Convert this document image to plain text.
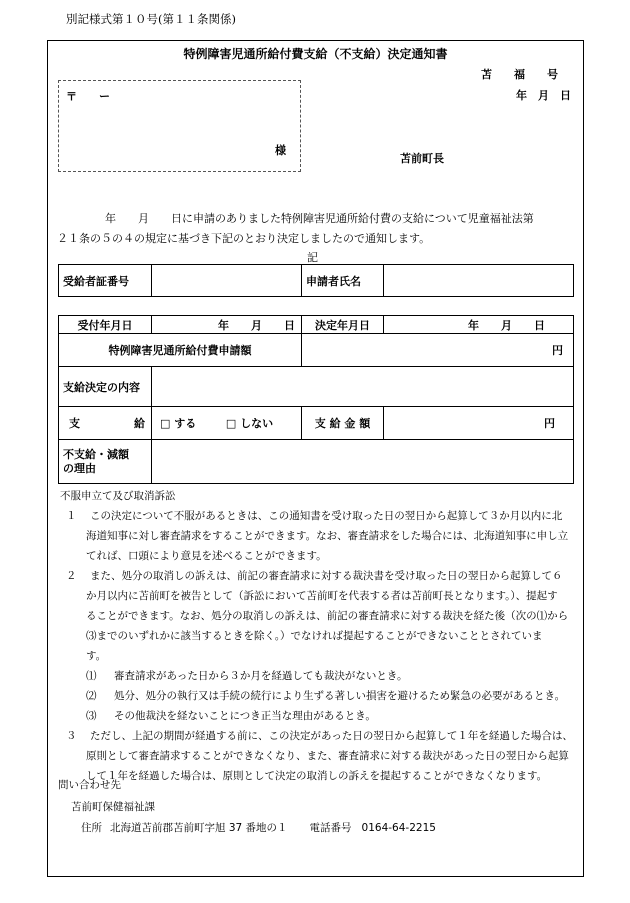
別記様式第１０号(第１１条関係)
特例障害児通所給付費支給（不支給）決定通知書
苫　　福　　号
年　月　日
〒　　ー
様
苫前町長
年　　月　　日に申請のありました特例障害児通所給付費の支給について児童福祉法第
２１条の５の４の規定に基づき下記のとおり決定しましたので通知します。
記
受給者証番号		申請者氏名	
受付年月日	年　　月　　日	決定年月日	年　　月　　日
特例障害児通所給付費申請額		円	
支給決定の内容			

支 給	□ する □ しない	支 給 金 額	円

不支給・減額
の理由			

不服申立て及び取消訴訟

１ この決定について不服があるときは、この通知書を受け取った日の翌日から起算して３か月以内に北

海道知事に対し審査請求をすることができます。なお、審査請求をした場合には、北海道知事に申し立

てれば、口頭により意見を述べることができます。

２ また、処分の取消しの訴えは、前記の審査請求に対する裁決書を受け取った日の翌日から起算して６

か月以内に苫前町を被告として（訴訟において苫前町を代表する者は苫前町長となります。）、提起す

ることができます。なお、処分の取消しの訴えは、前記の審査請求に対する裁決を経た後（次の⑴から

⑶までのいずれかに該当するときを除く。）でなければ提起することができないこととされていま

す。

⑴	審査請求があった日から３か月を経過しても裁決がないとき。

⑵	処分、処分の執行又は手続の続行により生ずる著しい損害を避けるため緊急の必要があるとき。

⑶	その他裁決を経ないことにつき正当な理由があるとき。

３ ただし、上記の期間が経過する前に、この決定があった日の翌日から起算して１年を経過した場合は、

原則として審査請求することができなくなり、また、審査請求に対する裁決があった日の翌日から起算

して１年を経過した場合は、原則として決定の取消しの訴えを提起することができなくなります。

問い合わせ先
苫前町保健福祉課
住所 北海道苫前郡苫前町字旭 37 番地の１ 電話番号 0164-64-2215
